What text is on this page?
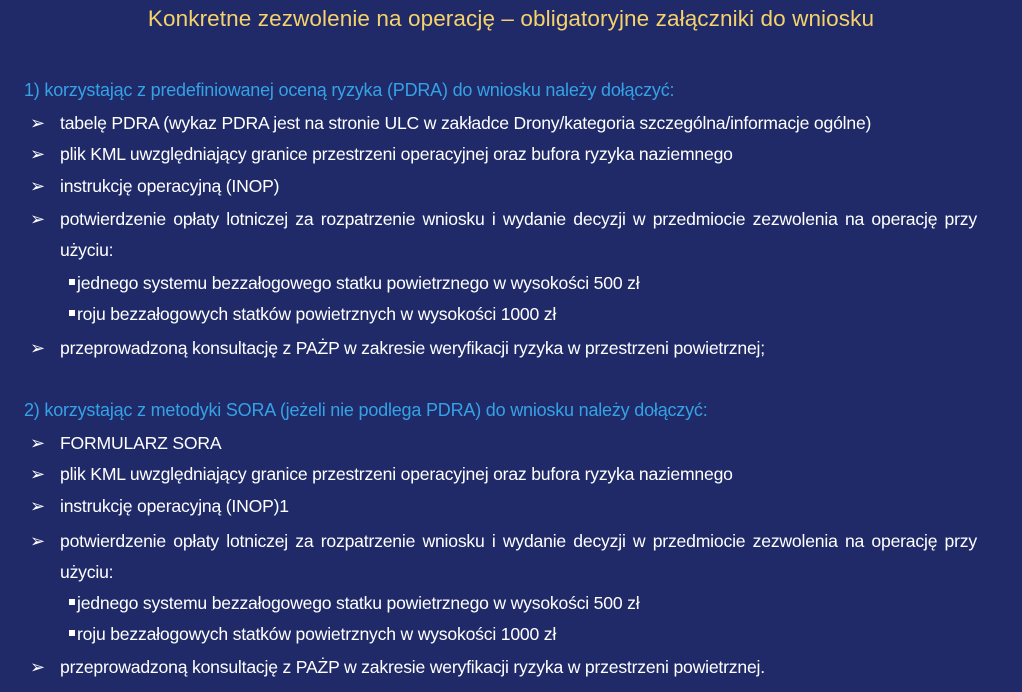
Konkretne zezwolenie na operację – obligatoryjne załączniki do wniosku
1) korzystając z predefiniowanej oceną ryzyka (PDRA) do wniosku należy dołączyć:
➢ tabelę PDRA (wykaz PDRA jest na stronie ULC w zakładce Drony/kategoria szczególna/informacje ogólne)
➢ plik KML uwzględniający granice przestrzeni operacyjnej oraz bufora ryzyka naziemnego
➢ instrukcję operacyjną (INOP)
➢ potwierdzenie opłaty lotniczej za rozpatrzenie wniosku i wydanie decyzji w przedmiocie zezwolenia na operację przy użyciu:
jednego systemu bezzałogowego statku powietrznego w wysokości 500 zł
roju bezzałogowych statków powietrznych w wysokości 1000 zł
➢ przeprowadzoną konsultację z PAŻP w zakresie weryfikacji ryzyka w przestrzeni powietrznej;
2) korzystając z metodyki SORA (jeżeli nie podlega PDRA) do wniosku należy dołączyć:
➢ FORMULARZ SORA
➢ plik KML uwzględniający granice przestrzeni operacyjnej oraz bufora ryzyka naziemnego
➢ instrukcję operacyjną (INOP)1
➢ potwierdzenie opłaty lotniczej za rozpatrzenie wniosku i wydanie decyzji w przedmiocie zezwolenia na operację przy użyciu:
jednego systemu bezzałogowego statku powietrznego w wysokości 500 zł
roju bezzałogowych statków powietrznych w wysokości 1000 zł
➢ przeprowadzoną konsultację z PAŻP w zakresie weryfikacji ryzyka w przestrzeni powietrznej.
